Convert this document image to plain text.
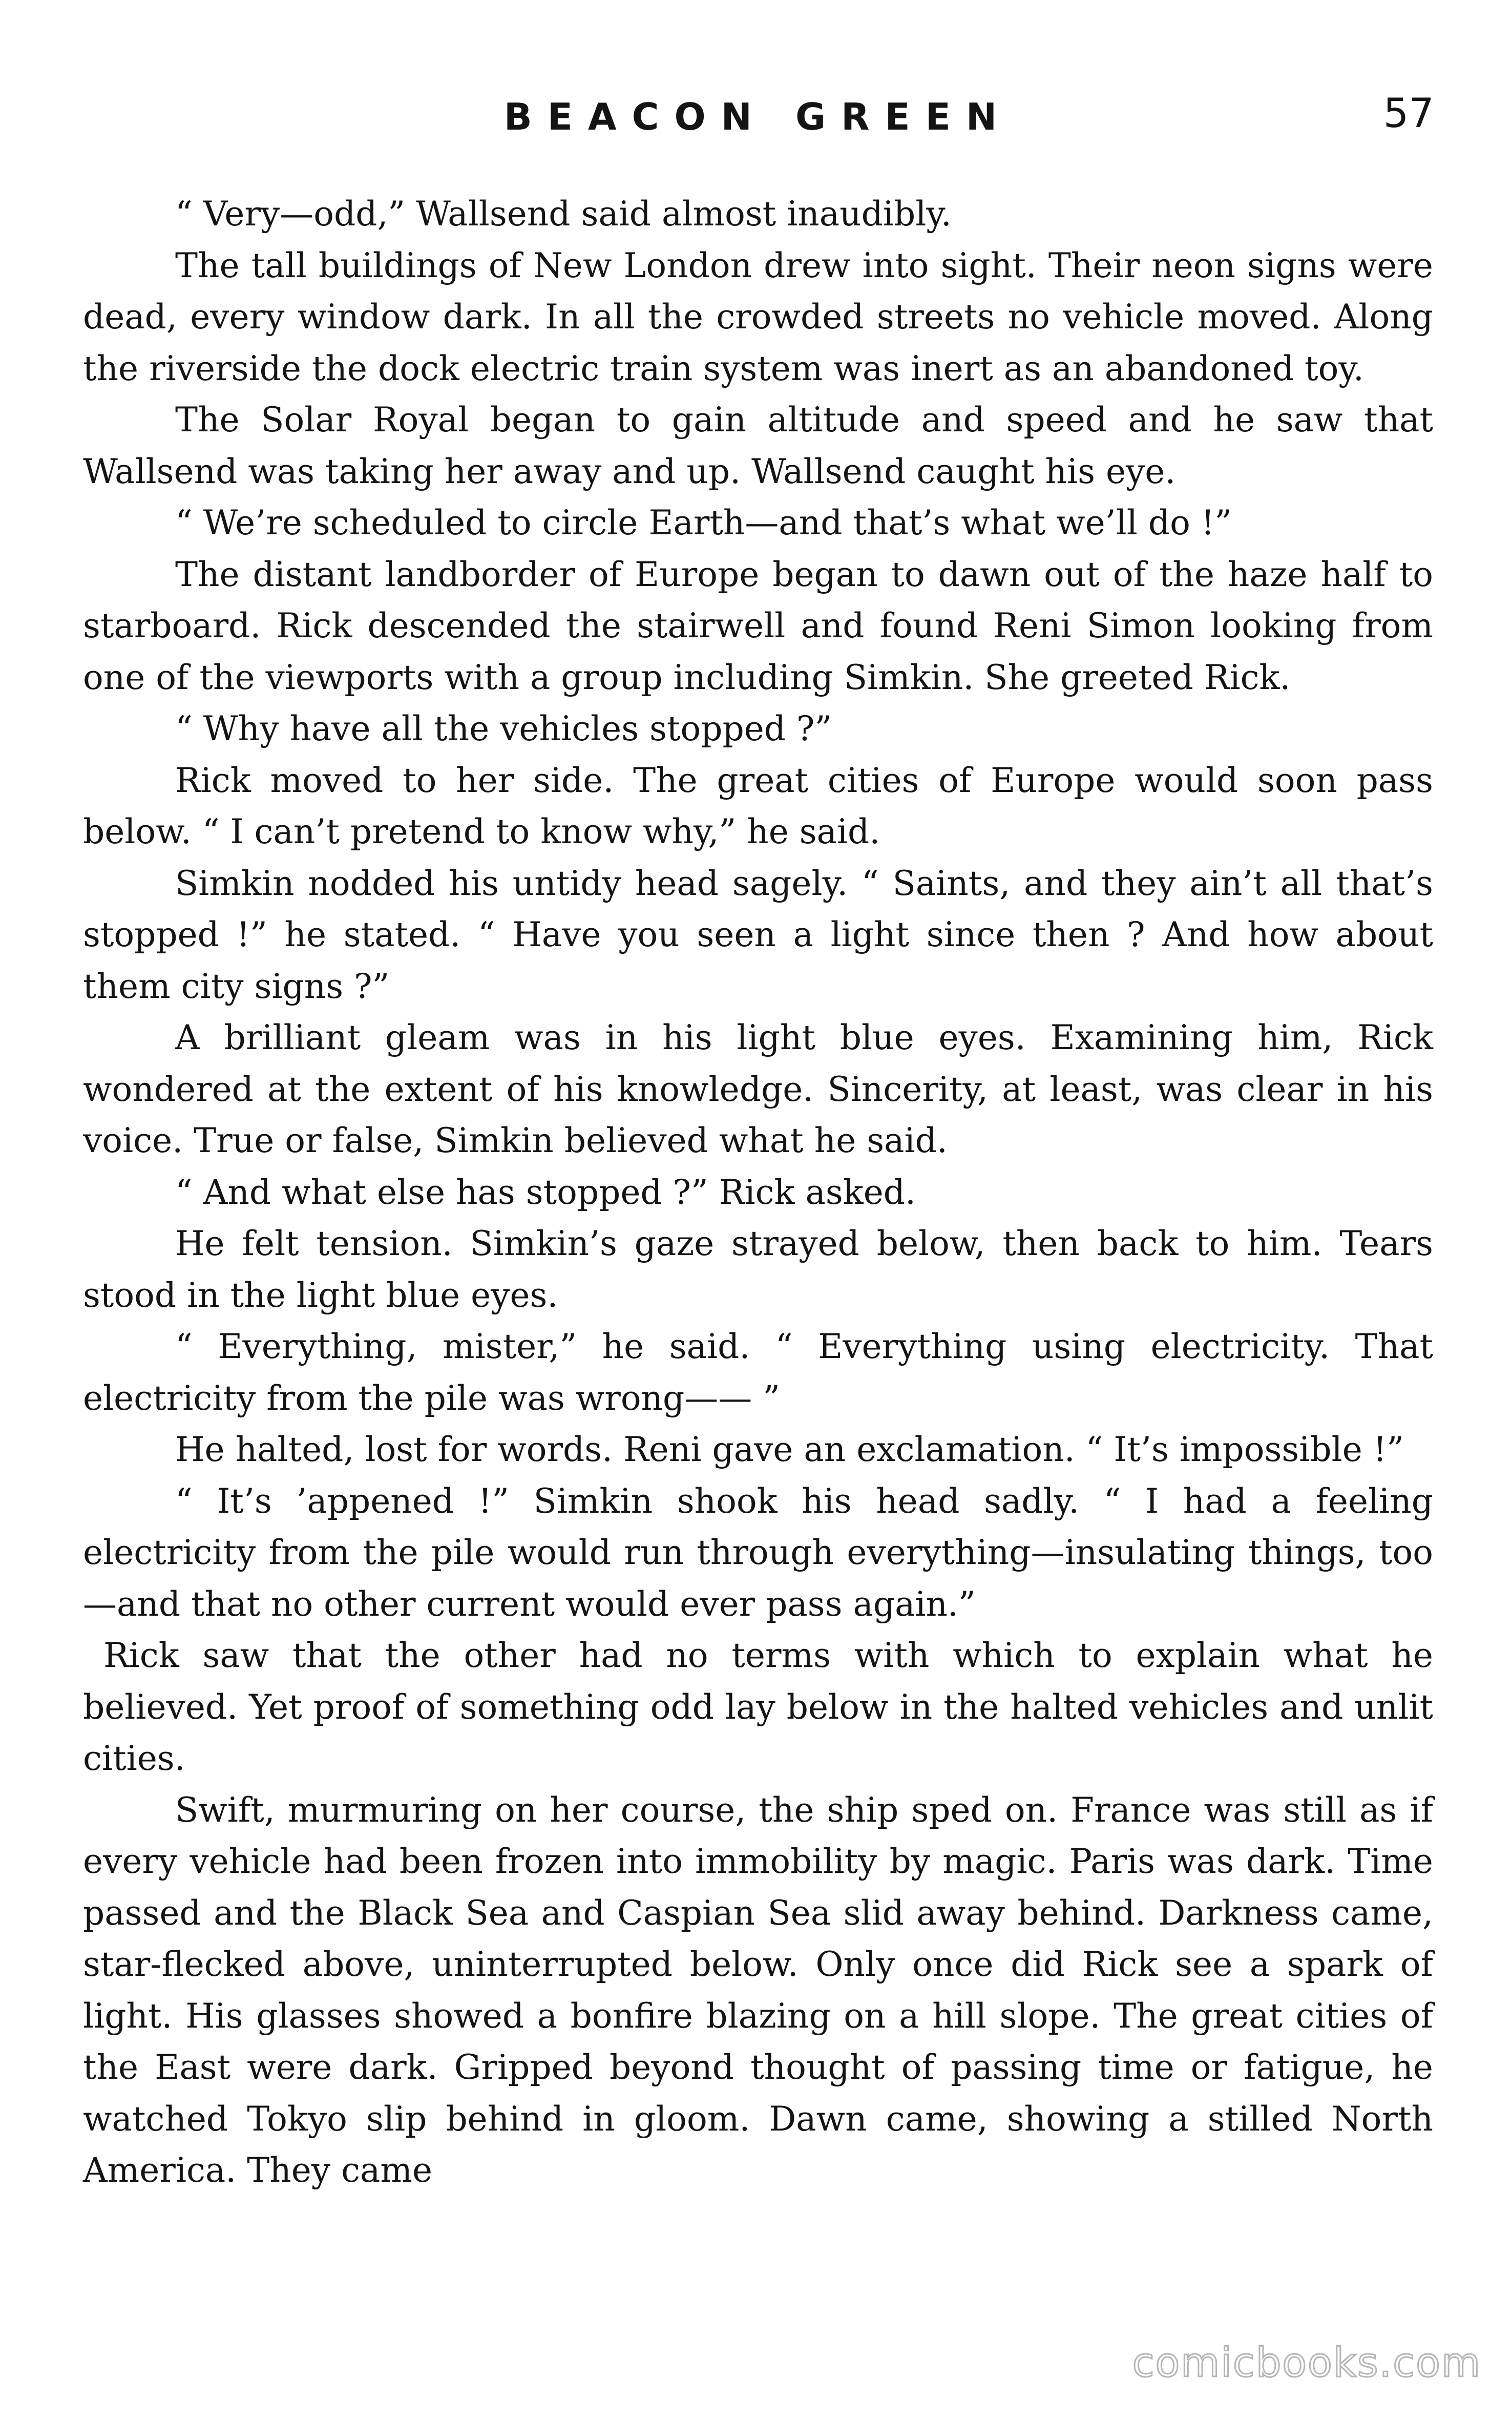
BEACON GREEN	57

“ Very—odd,” Wallsend said almost inaudibly.

The tall buildings of New London drew into sight. Their neon signs were dead, every window dark. In all the crowded streets no vehicle moved. Along the riverside the dock electric train system was inert as an abandoned toy.

The Solar Royal began to gain altitude and speed and he saw that Wallsend was taking her away and up. Wallsend caught his eye.

“ We’re scheduled to circle Earth—and that’s what we’ll do !”

The distant landborder of Europe began to dawn out of the haze half to starboard. Rick descended the stairwell and found Reni Simon looking from one of the viewports with a group including Simkin. She greeted Rick.

“ Why have all the vehicles stopped ?”

Rick moved to her side. The great cities of Europe would soon pass below. “ I can’t pretend to know why,” he said.

Simkin nodded his untidy head sagely. “ Saints, and they ain’t all that’s stopped !” he stated. “ Have you seen a light since then ? And how about them city signs ?”

A brilliant gleam was in his light blue eyes. Examining him, Rick wondered at the extent of his knowledge. Sincerity, at least, was clear in his voice. True or false, Simkin believed what he said.

“ And what else has stopped ?” Rick asked.

He felt tension. Simkin’s gaze strayed below, then back to him. Tears stood in the light blue eyes.

“ Everything, mister,” he said. “ Everything using electricity. That electricity from the pile was wrong—— ”

He halted, lost for words. Reni gave an exclamation. “ It’s impossible !”

“ It’s ’appened !” Simkin shook his head sadly. “ I had a feeling electricity from the pile would run through everything—insulating things, too—and that no other current would ever pass again.”

Rick saw that the other had no terms with which to explain what he believed. Yet proof of something odd lay below in the halted vehicles and unlit cities.

Swift, murmuring on her course, the ship sped on. France was still as if every vehicle had been frozen into immobility by magic. Paris was dark. Time passed and the Black Sea and Caspian Sea slid away behind. Darkness came, star-flecked above, uninterrupted below. Only once did Rick see a spark of light. His glasses showed a bonfire blazing on a hill slope. The great cities of the East were dark. Gripped beyond thought of passing time or fatigue, he watched Tokyo slip behind in gloom. Dawn came, showing a stilled North America. They came

comicbooks.com
